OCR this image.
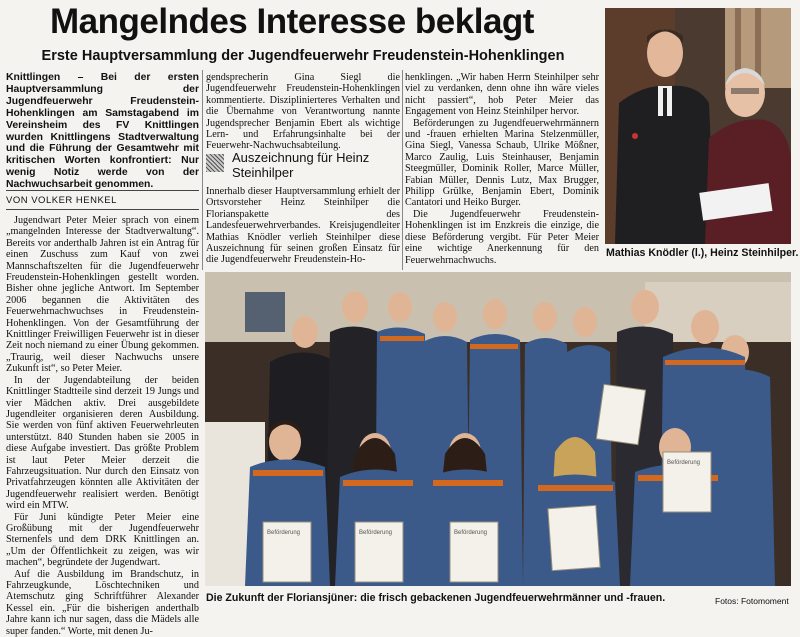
Mangelndes Interesse beklagt
Erste Hauptversammlung der Jugendfeuerwehr Freudenstein-Hohenklingen
Knittlingen – Bei der ersten Hauptversammlung der Jugendfeuerwehr Freudenstein-Hohenklingen am Samstagabend im Vereinsheim des FV Knittlingen wurden Knittlingens Stadtverwaltung und die Führung der Gesamtwehr mit kritischen Worten konfrontiert: Nur wenig Notiz werde von der Nachwuchsarbeit genommen.
VON VOLKER HENKEL

Jugendwart Peter Meier sprach von einem „mangelnden Interesse der Stadtverwaltung“. Bereits vor anderthalb Jahren ist ein Antrag für einen Zuschuss zum Kauf von zwei Mannschaftszelten für die Jugendfeuerwehr Freudenstein-Hohenklingen gestellt worden. Bisher ohne jegliche Antwort. Im September 2006 begannen die Aktivitäten des Feuerwehrnachwuchses in Freudenstein-Hohenklingen. Von der Gesamtführung der Knittlinger Freiwilligen Feuerwehr ist in dieser Zeit noch niemand zu einer Übung gekommen. „Traurig, weil dieser Nachwuchs unsere Zukunft ist“, so Peter Meier.

In der Jugendabteilung der beiden Knittlinger Stadtteile sind derzeit 19 Jungs und vier Mädchen aktiv. Drei ausgebildete Jugendleiter organisieren deren Ausbildung. Sie werden von fünf aktiven Feuerwehrleuten unterstützt. 840 Stunden haben sie 2005 in diese Aufgabe investiert. Das größte Problem ist laut Peter Meier derzeit die Fahrzeugsituation. Nur durch den Einsatz von Privatfahrzeugen könnten alle Aktivitäten der Jugendfeuerwehr realisiert werden. Benötigt wird ein MTW.

Für Juni kündigte Peter Meier eine Großübung mit der Jugendfeuerwehr Sternenfels und dem DRK Knittlingen an. „Um der Öffentlichkeit zu zeigen, was wir machen“, begründete der Jugendwart.

Auf die Ausbildung im Brandschutz, in Fahrzeugkunde, Löschtechniken und Atemschutz ging Schriftführer Alexander Kessel ein. „Für die bisherigen anderthalb Jahre kann ich nur sagen, dass die Mädels alle super fanden.“ Worte, mit denen Ju-

gendsprecherin Gina Siegl die Jugendfeuerwehr Freudenstein-Hohenklingen kommentierte. Disziplinierteres Verhalten und die Übernahme von Verantwortung nannte Jugendsprecher Benjamin Ebert als wichtige Lern- und Erfahrungsinhalte bei der Feuerwehr-Nachwuchsabteilung.

Auszeichnung für Heinz Steinhilper

Innerhalb dieser Hauptversammlung erhielt der Ortsvorsteher Heinz Steinhilper die Florianspakette des Landesfeuerwehrverbandes. Kreisjugendleiter Mathias Knödler verlieh Steinhilper diese Auszeichnung für seinen großen Einsatz für die Jugendfeuerwehr Freudenstein-Ho-

henklingen. „Wir haben Herrn Steinhilper sehr viel zu verdanken, denn ohne ihn wäre vieles nicht passiert“, hob Peter Meier das Engagement von Heinz Steinhilper hervor.

Beförderungen zu Jugendfeuerwehrmännern und -frauen erhielten Marina Stelzenmüller, Gina Siegl, Vanessa Schaub, Ulrike Mößner, Marco Zaulig, Luis Steinhauser, Benjamin Steegmüller, Dominik Roller, Marce Müller, Fabian Müller, Dennis Lutz, Max Brugger, Philipp Grülke, Benjamin Ebert, Dominik Cantatori und Heiko Burger.

Die Jugendfeuerwehr Freudenstein-Hohenklingen ist im Enzkreis die einzige, die diese Beförderung vergibt. Für Peter Meier eine wichtige Anerkennung für den Feuerwehrnachwuchs.

Mathias Knödler (l.), Heinz Steinhilper.
Beförderung	Beförderung	Beförderung
Beförderung
Die Zukunft der Floriansjüner: die frisch gebackenen Jugendfeuerwehrmänner und -frauen.	Fotos: Fotomoment
